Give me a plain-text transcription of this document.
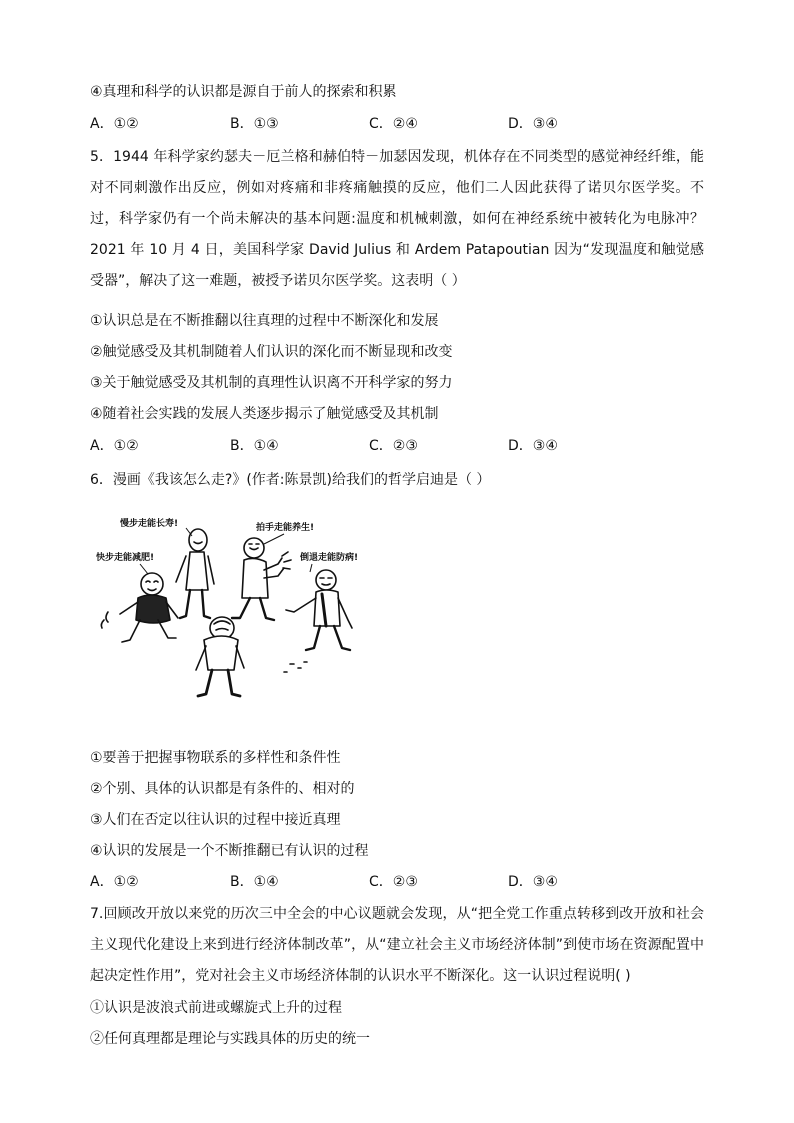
④真理和科学的认识都是源自于前人的探索和积累
A．①②	B．①③	C．②④	D．③④
5．1944 年科学家约瑟夫－厄兰格和赫伯特－加瑟因发现，机体存在不同类型的感觉神经纤维，能对不同刺激作出反应，例如对疼痛和非疼痛触摸的反应，他们二人因此获得了诺贝尔医学奖。不过，科学家仍有一个尚未解决的基本问题:温度和机械刺激，如何在神经系统中被转化为电脉冲？2021 年 10 月 4 日，美国科学家 David Julius 和 Ardem Patapoutian 因为“发现温度和触觉感受器”，解决了这一难题，被授予诺贝尔医学奖。这表明（ ）
①认识总是在不断推翻以往真理的过程中不断深化和发展
②触觉感受及其机制随着人们认识的深化而不断显现和改变
③关于触觉感受及其机制的真理性认识离不开科学家的努力
④随着社会实践的发展人类逐步揭示了触觉感受及其机制
A．①②	B．①④	C．②③	D．③④
6．漫画《我该怎么走?》(作者:陈景凯)给我们的哲学启迪是（ ）
慢步走能长寿!	拍手走能养生!
快步走能减肥!	倒退走能防病!
①要善于把握事物联系的多样性和条件性
②个别、具体的认识都是有条件的、相对的
③人们在否定以往认识的过程中接近真理
④认识的发展是一个不断推翻已有认识的过程
A．①②	B．①④	C．②③	D．③④
7.回顾改开放以来党的历次三中全会的中心议题就会发现，从“把全党工作重点转移到改开放和社会主义现代化建设上来到进行经济体制改革”，从“建立社会主义市场经济体制”到使市场在资源配置中起决定性作用”，党对社会主义市场经济体制的认识水平不断深化。这一认识过程说明( )
①认识是波浪式前进或螺旋式上升的过程
②任何真理都是理论与实践具体的历史的统一
